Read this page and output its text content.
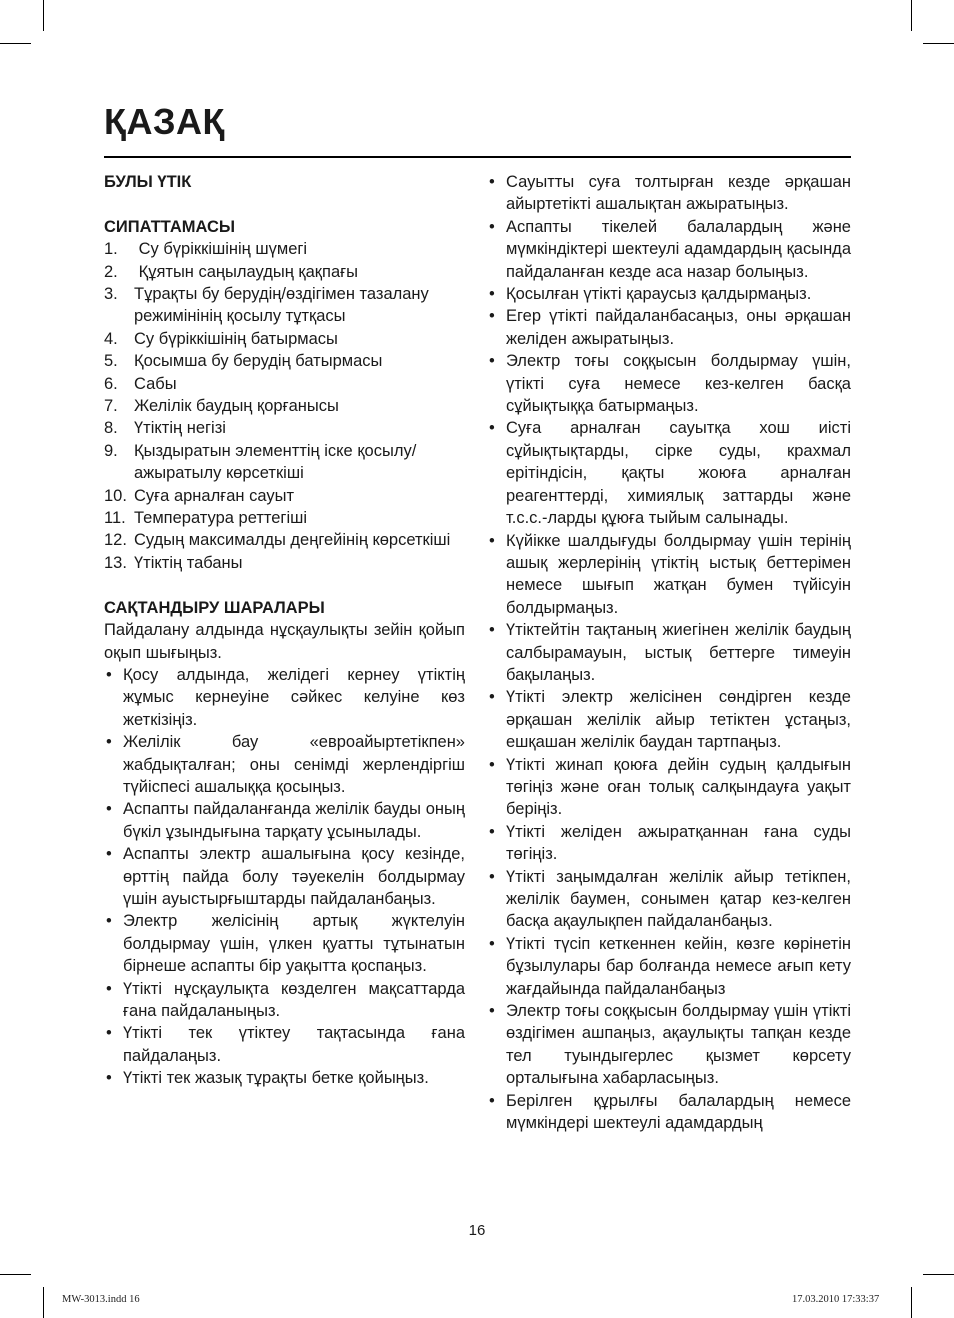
ҚАЗАҚ

БУЛЫ ҮТІК

СИПАТТАМАСЫ

1. Су бүріккішінің шүмегі
2. Құятын саңылаудың қақпағы
3. Тұрақты бу берудің/өздігімен тазалану режимінінің қосылу тұтқасы
4. Су бүріккішінің батырмасы
5. Қосымша бу берудің батырмасы
6. Сабы
7. Желілік баудың қорғанысы
8. Үтіктің негізі
9. Қыздыратын элементтің іске қосылу/ажыратылу көрсеткіші
10. Суға арналған сауыт
11. Температура реттегіші
12. Судың максималды деңгейінің көрсеткіші
13. Үтіктің табаны

САҚТАНДЫРУ ШАРАЛАРЫ

Пайдалану алдында нұсқаулықты зейін қойып оқып шығыңыз.

• Қосу алдында, желідегі кернеу үтіктің жұмыс кернеуіне сәйкес келуіне көз жеткізіңіз.
• Желілік бау «евроайыртетікпен» жабдықталған; оны сенімді жерлендіргіш түйіспесі ашалыққа қосыңыз.
• Аспапты пайдаланғанда желілік бауды оның бүкіл ұзындығына тарқату ұсынылады.
• Аспапты электр ашалығына қосу кезінде, өрттің пайда болу тәуекелін болдырмау үшін ауыстырғыштарды пайдаланбаңыз.
• Электр желісінің артық жүктелуін болдырмау үшін, үлкен қуатты тұтынатын бірнеше аспапты бір уақытта қоспаңыз.
• Үтікті нұсқаулықта көзделген мақсаттарда ғана пайдаланыңыз.
• Үтікті тек үтіктеу тақтасында ғана пайдалаңыз.
• Үтікті тек жазық тұрақты бетке қойыңыз.
• Сауытты суға толтырған кезде әрқашан айыртетікті ашалықтан ажыратыңыз.
• Аспапты тікелей балалардың және мүмкіндіктері шектеулі адамдардың қасында пайдаланған кезде аса назар болыңыз.
• Қосылған үтікті қараусыз қалдырмаңыз.
• Егер үтікті пайдаланбасаңыз, оны әрқашан желіден ажыратыңыз.
• Электр тоғы соққысын болдырмау үшін, үтікті суға немесе кез-келген басқа сұйықтыққа батырмаңыз.
• Суға арналған сауытқа хош иісті сұйықтықтарды, сірке суды, крахмал ерітіндісін, қақты жоюға арналған реагенттерді, химиялық заттарды және т.с.с.-ларды құюға тыйым салынады.
• Күйікке шалдығуды болдырмау үшін терінің ашық жерлерінің үтіктің ыстық беттерімен немесе шығып жатқан бумен түйісуін болдырмаңыз.
• Үтіктейтін тақтаның жиегінен желілік баудың салбырамауын, ыстық беттерге тимеуін бақылаңыз.
• Үтікті электр желісінен сөндірген кезде әрқашан желілік айыр тетіктен ұстаңыз, ешқашан желілік баудан тартпаңыз.
• Үтікті жинап қоюға дейін судың қалдығын төгіңіз және оған толық салқындауға уақыт беріңіз.
• Үтікті желіден ажыратқаннан ғана суды төгіңіз.
• Үтікті заңымдалған желілік айыр тетікпен, желілік баумен, сонымен қатар кез-келген басқа ақаулықпен пайдаланбаңыз.
• Үтікті түсіп кеткеннен кейін, көзге көрінетін бұзылулары бар болғанда немесе ағып кету жағдайында пайдаланбаңыз
• Электр тоғы соққысын болдырмау үшін үтікті өздігімен ашпаңыз, ақаулықты тапқан кезде тел туындыгерлес қызмет көрсету орталығына хабарласыңыз.
• Берілген құрылғы балалардың немесе мүмкіндері шектеулі адамдардың
16
MW-3013.indd 16	17.03.2010 17:33:37
